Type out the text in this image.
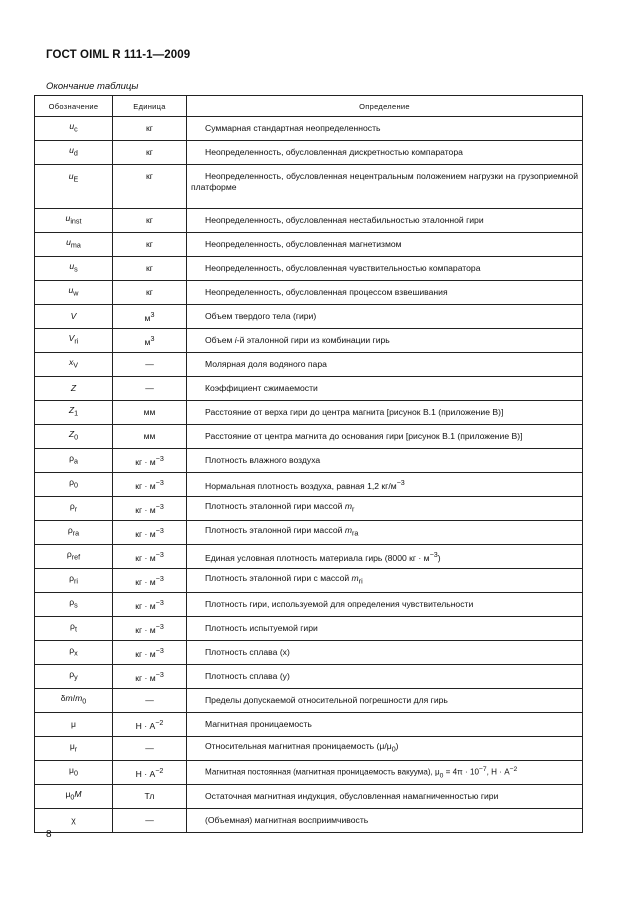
ГОСТ OIML R 111-1—2009
Окончание таблицы
Обозначение	Единица	Определение
$u_c$	кг	Суммарная стандартная неопределенность
$u_d$	кг	Неопределенность, обусловленная дискретностью компаратора
$u_E$	кг	Неопределенность, обусловленная нецентральным положением нагрузки на грузоприемной платформе
$u_{inst}$	кг	Неопределенность, обусловленная нестабильностью эталонной гири
$u_{ma}$	кг	Неопределенность, обусловленная магнетизмом
$u_s$	кг	Неопределенность, обусловленная чувствительностью компаратора
$u_w$	кг	Неопределенность, обусловленная процессом взвешивания
V	$м^3$	Объем твердого тела (гири)
$V_{ri}$	$м^3$	Объем i-й эталонной гири из комбинации гирь
$x_V$	—	Молярная доля водяного пара
Z	—	Коэффициент сжимаемости
$Z_1$	мм	Расстояние от верха гири до центра магнита [рисунок В.1 (приложение В)]
$Z_0$	мм	Расстояние от центра магнита до основания гири [рисунок В.1 (приложение В)]
$\rho_a$	кг · $м^{-3}$	Плотность влажного воздуха
$\rho_0$	кг · $м^{-3}$	Нормальная плотность воздуха, равная 1,2 $кг/м^{-3}$
$\rho_r$	кг · $м^{-3}$	Плотность эталонной гири массой $m_r$
$\rho_{ra}$	кг · $м^{-3}$	Плотность эталонной гири массой $m_{ra}$
$\rho_{ref}$	кг · $м^{-3}$	Единая условная плотность материала гирь (8000 кг · $м^{-3}$)
$\rho_{ri}$	кг · $м^{-3}$	Плотность эталонной гири с массой $m_{ri}$
$\rho_s$	кг · $м^{-3}$	Плотность гири, используемой для определения чувствительности
$\rho_t$	кг · $м^{-3}$	Плотность испытуемой гири
$\rho_x$	кг · $м^{-3}$	Плотность сплава (x)
$\rho_y$	кг · $м^{-3}$	Плотность сплава (y)
$\delta m/m_0$	—	Пределы допускаемой относительной погрешности для гирь
μ	$Н \cdot А^{-2}$	Магнитная проницаемость
$\mu_r$	—	Относительная магнитная проницаемость $(\mu/\mu_0)$
$\mu_0$	$Н \cdot А^{-2}$	Магнитная постоянная (магнитная проницаемость вакуума), $\mu_0 = 4\pi \cdot 10^{-7}$, $Н \cdot А^{-2}$
$\mu_0M$	Тл	Остаточная магнитная индукция, обусловленная намагниченностью гири
χ	—	(Объемная) магнитная восприимчивость
8
